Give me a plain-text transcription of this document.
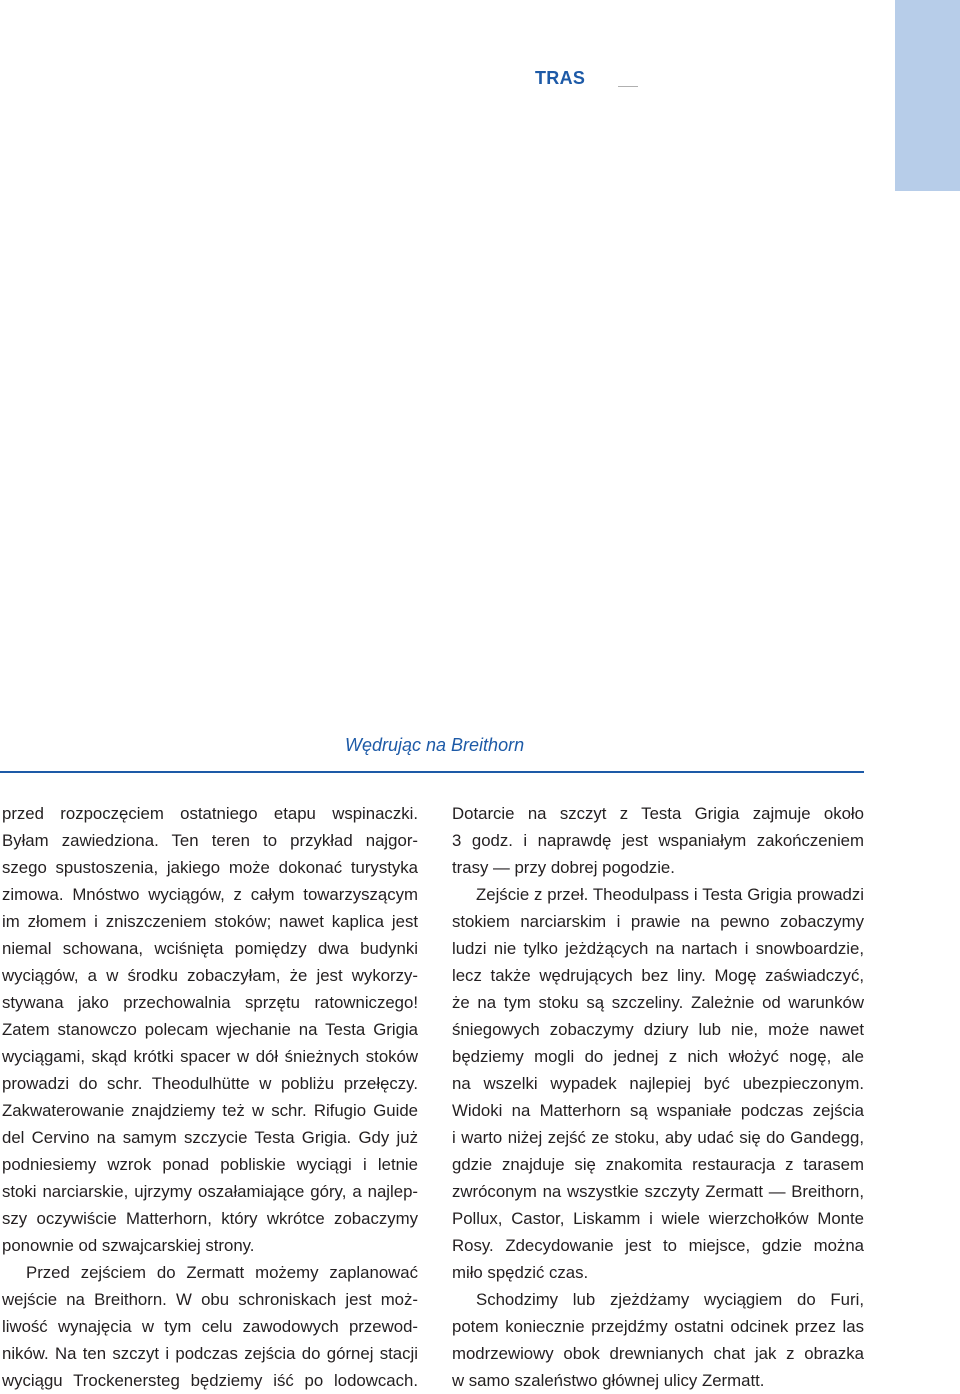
TRAS
Wędrując na Breithorn
przed rozpoczęciem ostatniego etapu wspinaczki.
Byłam zawiedziona. Ten teren to przykład najgor-
szego spustoszenia, jakiego może dokonać turystyka
zimowa. Mnóstwo wyciągów, z całym towarzyszącym
im złomem i zniszczeniem stoków; nawet kaplica jest
niemal schowana, wciśnięta pomiędzy dwa budynki
wyciągów, a w środku zobaczyłam, że jest wykorzy-
stywana jako przechowalnia sprzętu ratowniczego!
Zatem stanowczo polecam wjechanie na Testa Grigia
wyciągami, skąd krótki spacer w dół śnieżnych stoków
prowadzi do schr. Theodulhütte w pobliżu przełęczy.
Zakwaterowanie znajdziemy też w schr. Rifugio Guide
del Cervino na samym szczycie Testa Grigia. Gdy już
podniesiemy wzrok ponad pobliskie wyciągi i letnie
stoki narciarskie, ujrzymy oszałamiające góry, a najlep-
szy oczywiście Matterhorn, który wkrótce zobaczymy
ponownie od szwajcarskiej strony.
Przed zejściem do Zermatt możemy zaplanować
wejście na Breithorn. W obu schroniskach jest moż-
liwość wynajęcia w tym celu zawodowych przewod-
ników. Na ten szczyt i podczas zejścia do górnej stacji
wyciągu Trockenersteg będziemy iść po lodowcach.
Dotarcie na szczyt z Testa Grigia zajmuje około
3 godz. i naprawdę jest wspaniałym zakończeniem
trasy — przy dobrej pogodzie.
Zejście z przeł. Theodulpass i Testa Grigia prowadzi
stokiem narciarskim i prawie na pewno zobaczymy
ludzi nie tylko jeżdżących na nartach i snowboardzie,
lecz także wędrujących bez liny. Mogę zaświadczyć,
że na tym stoku są szczeliny. Zależnie od warunków
śniegowych zobaczymy dziury lub nie, może nawet
będziemy mogli do jednej z nich włożyć nogę, ale
na wszelki wypadek najlepiej być ubezpieczonym.
Widoki na Matterhorn są wspaniałe podczas zejścia
i warto niżej zejść ze stoku, aby udać się do Gandegg,
gdzie znajduje się znakomita restauracja z tarasem
zwróconym na wszystkie szczyty Zermatt — Breithorn,
Pollux, Castor, Liskamm i wiele wierzchołków Monte
Rosy. Zdecydowanie jest to miejsce, gdzie można
miło spędzić czas.
Schodzimy lub zjeżdżamy wyciągiem do Furi,
potem koniecznie przejdźmy ostatni odcinek przez las
modrzewiowy obok drewnianych chat jak z obrazka
w samo szaleństwo głównej ulicy Zermatt.
